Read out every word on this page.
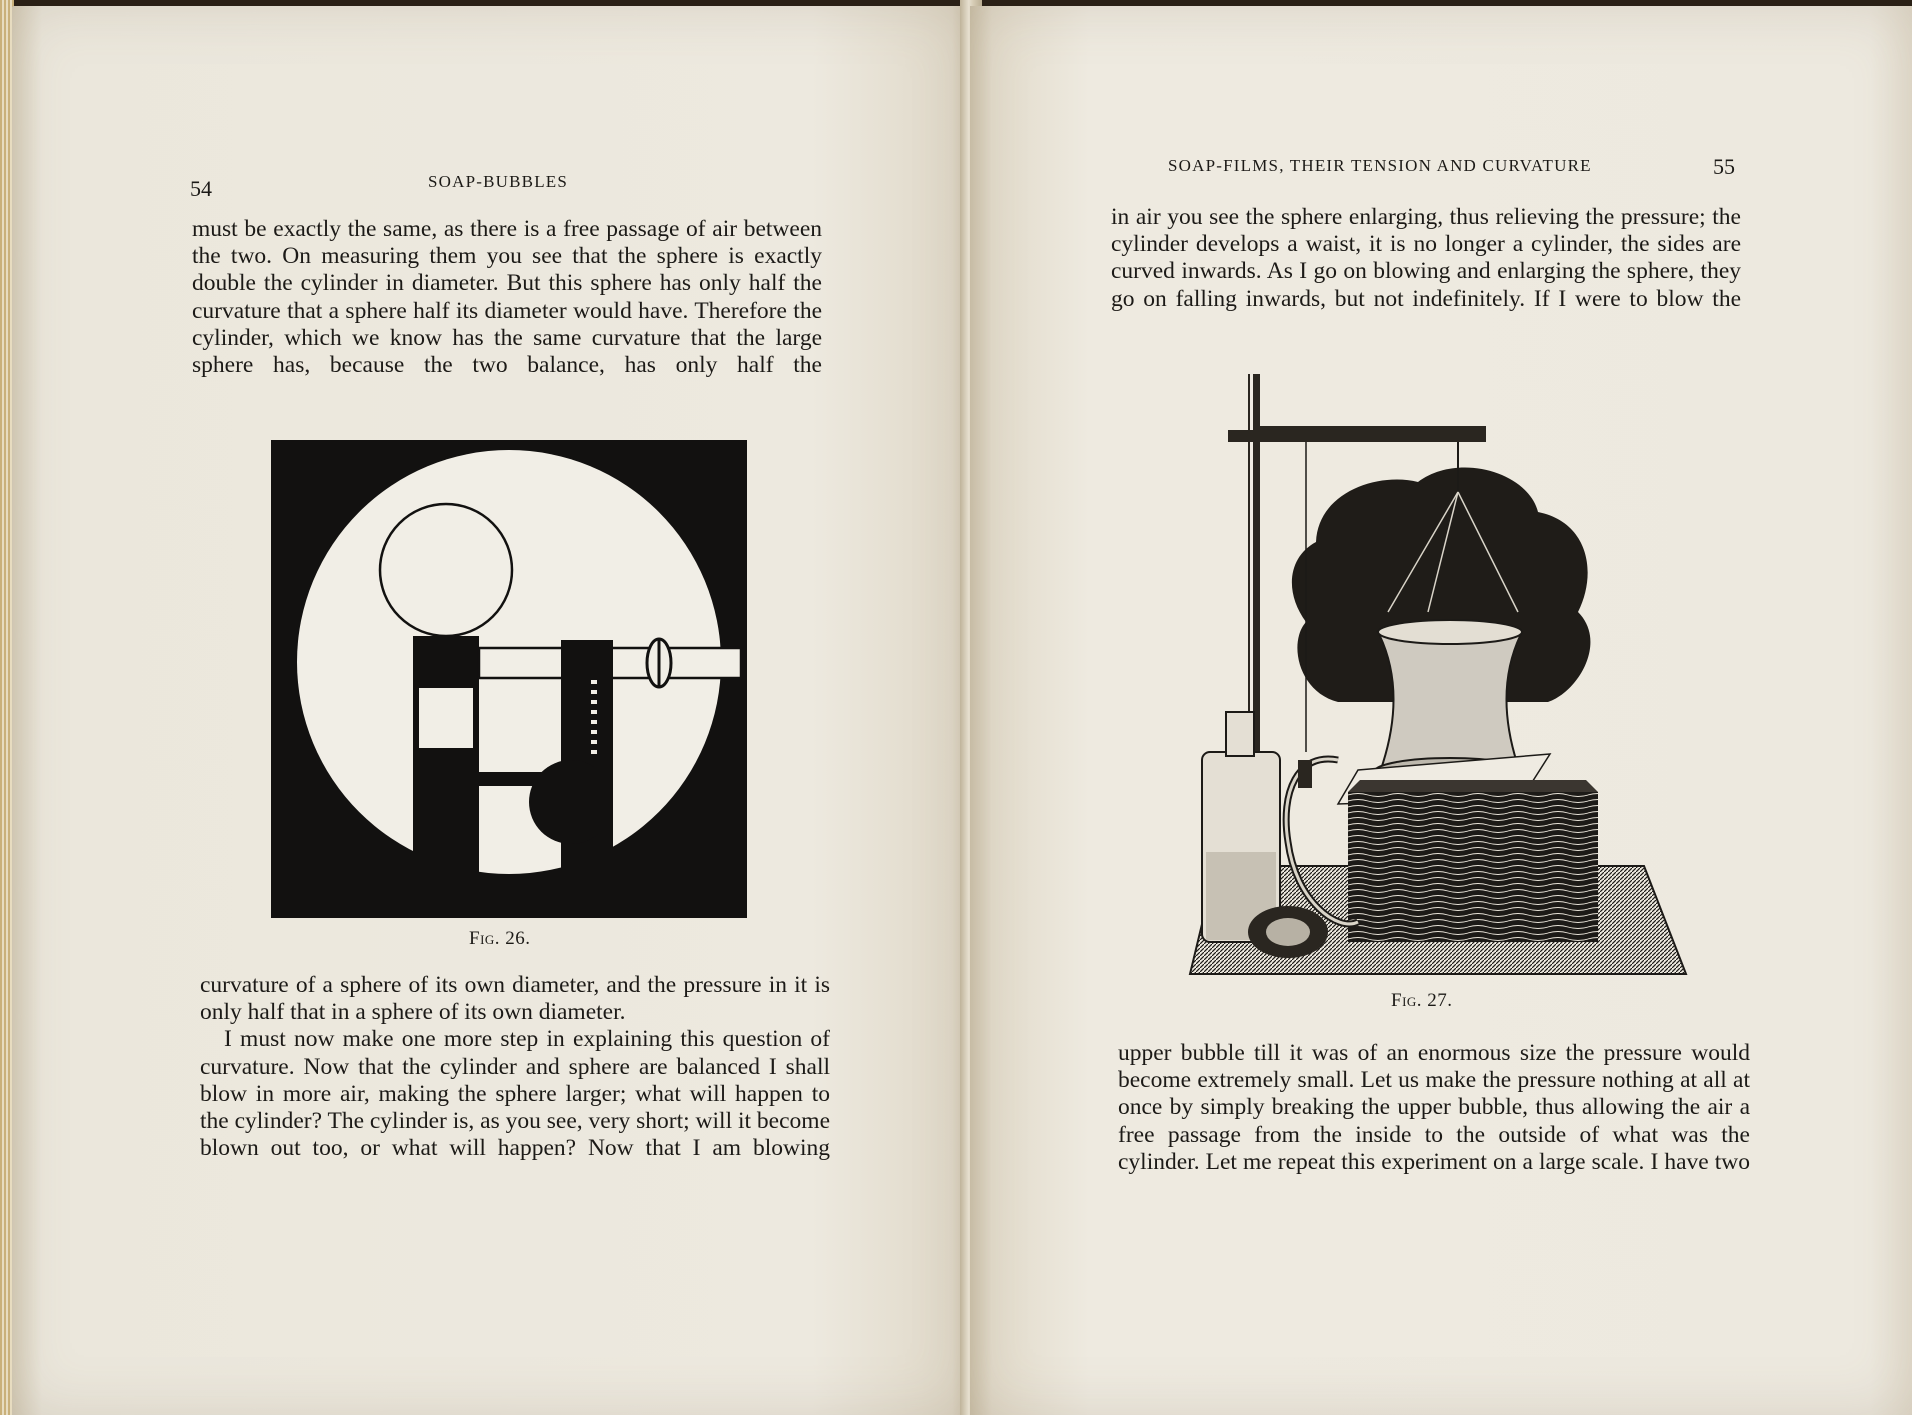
54	SOAP-BUBBLES

must be exactly the same, as there is a free passage of air between the two. On measuring them you see that the sphere is exactly double the cylinder in diameter. But this sphere has only half the curvature that a sphere half its diameter would have. Therefore the cylinder, which we know has the same curvature that the large sphere has, because the two balance, has only half the

Fig. 26.

curvature of a sphere of its own diameter, and the pressure in it is only half that in a sphere of its own diameter.

I must now make one more step in explaining this question of curvature. Now that the cylinder and sphere are balanced I shall blow in more air, making the sphere larger; what will happen to the cylinder? The cylinder is, as you see, very short; will it become blown out too, or what will happen? Now that I am blowing

SOAP-FILMS, THEIR TENSION AND CURVATURE	55

in air you see the sphere enlarging, thus relieving the pressure; the cylinder develops a waist, it is no longer a cylinder, the sides are curved inwards. As I go on blowing and enlarging the sphere, they go on falling inwards, but not indefinitely. If I were to blow the

Fig. 27.

upper bubble till it was of an enormous size the pressure would become extremely small. Let us make the pressure nothing at all at once by simply breaking the upper bubble, thus allowing the air a free passage from the inside to the outside of what was the cylinder. Let me repeat this experiment on a large scale. I have two
